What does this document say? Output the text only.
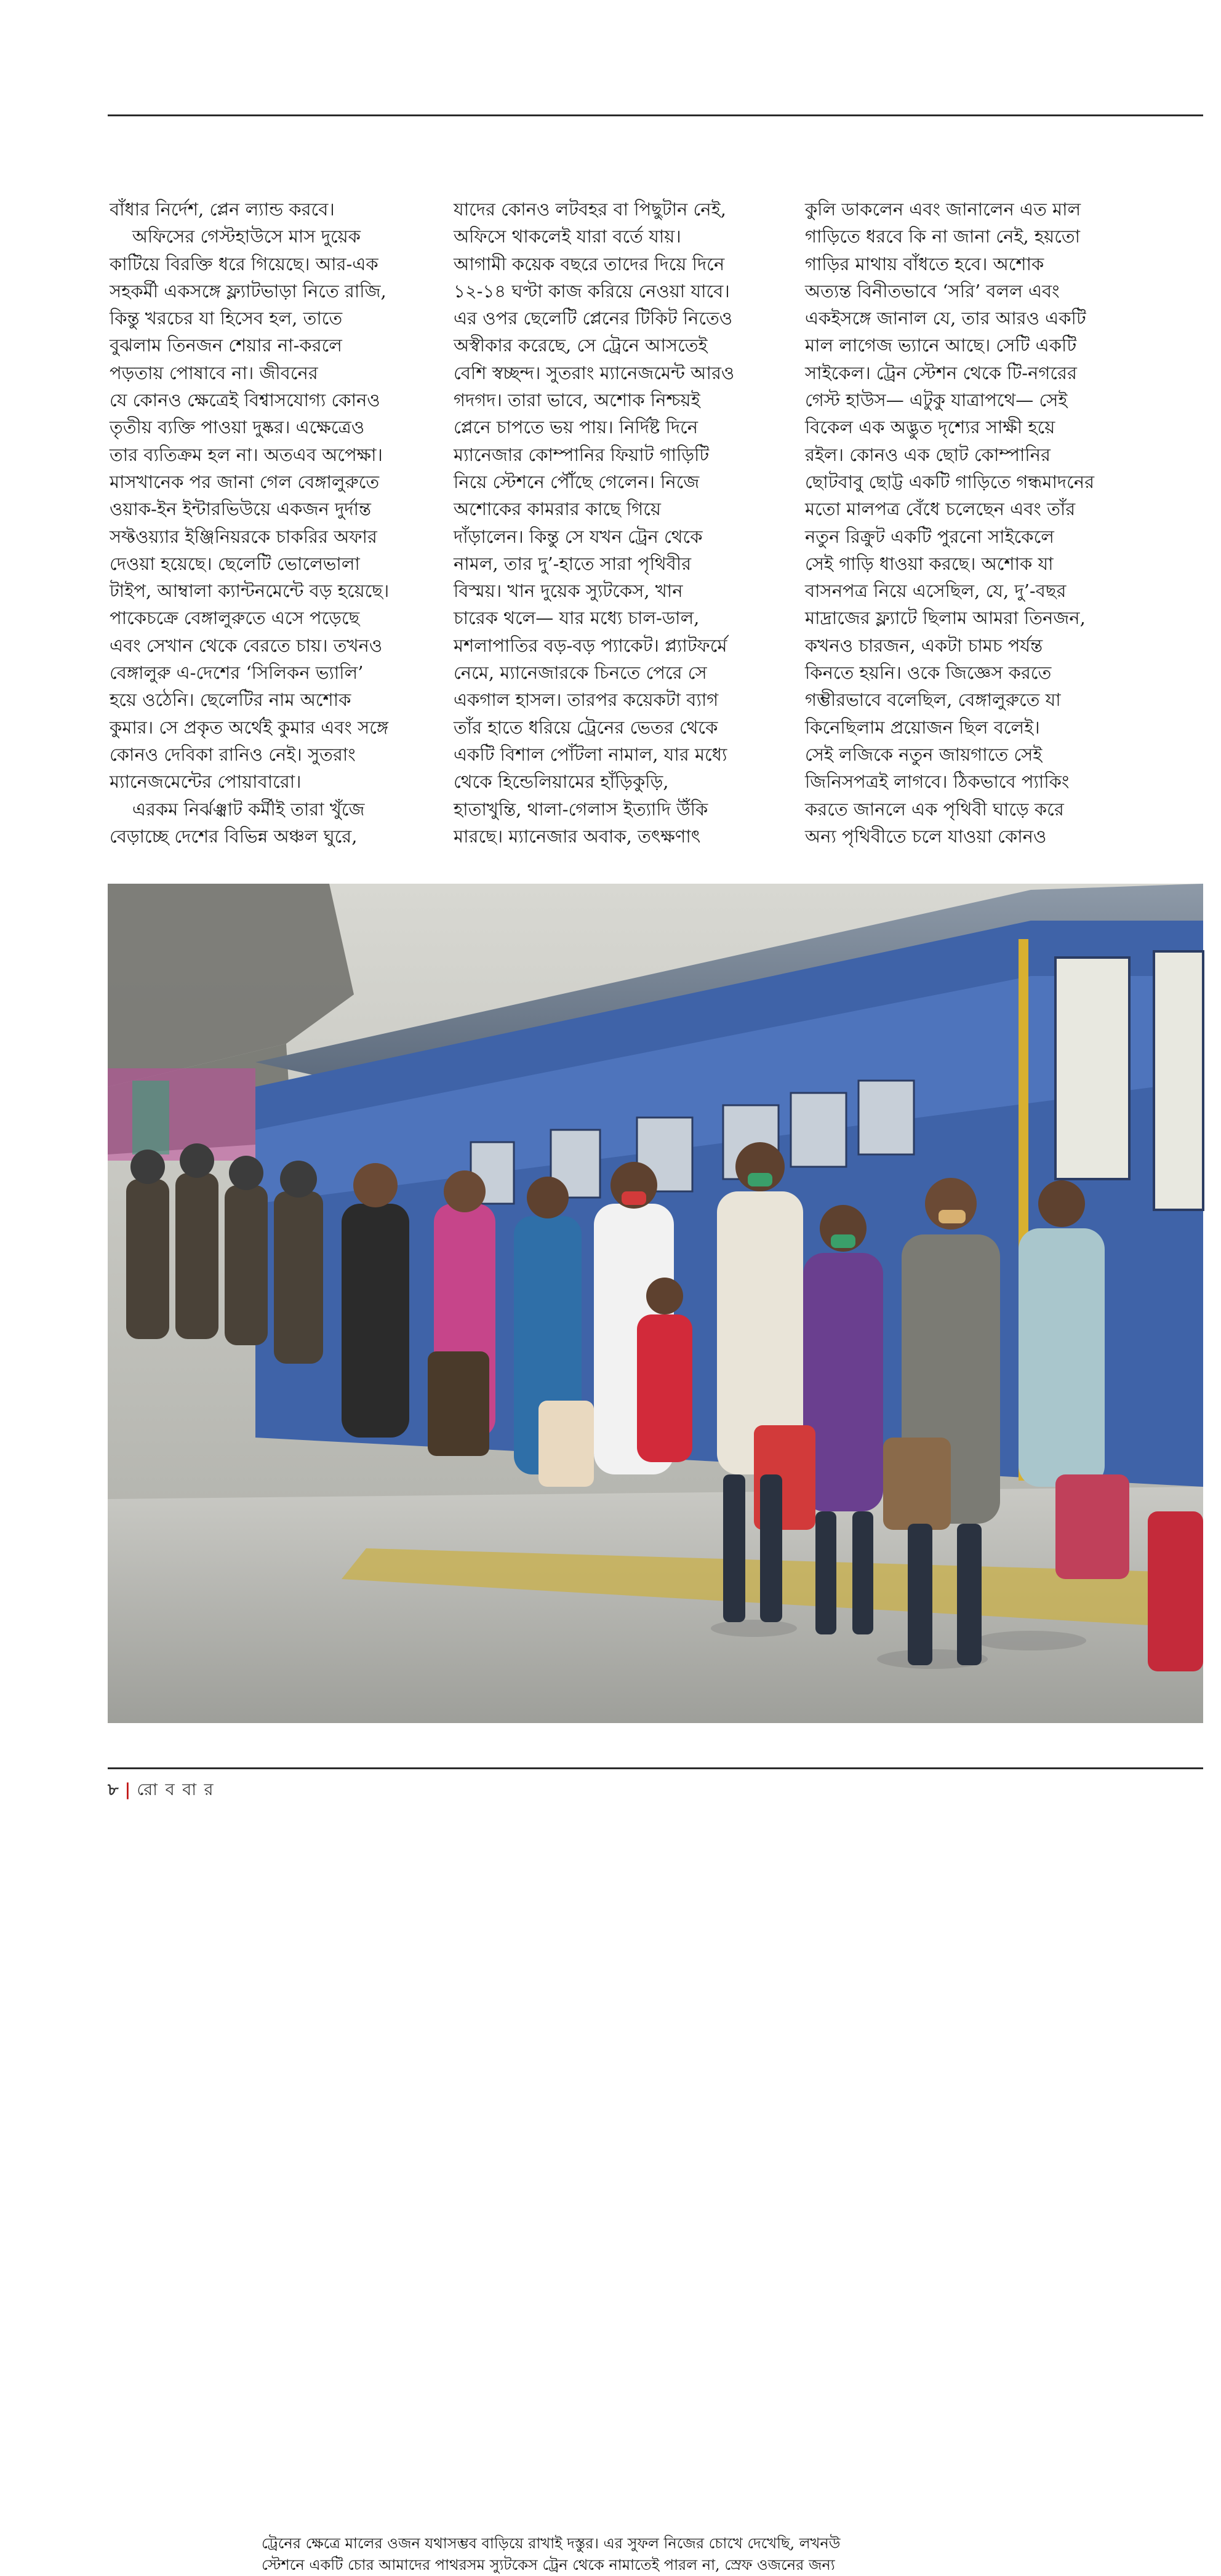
বাঁধার নির্দেশ, প্লেন ল্যান্ড করবে।
অফিসের গেস্টহাউসে মাস দুয়েক
কাটিয়ে বিরক্তি ধরে গিয়েছে। আর-এক
সহকর্মী একসঙ্গে ফ্ল্যাটভাড়া নিতে রাজি,
কিন্তু খরচের যা হিসেব হল, তাতে
বুঝলাম তিনজন শেয়ার না-করলে
পড়তায় পোষাবে না। জীবনের
যে কোনও ক্ষেত্রেই বিশ্বাসযোগ্য কোনও
তৃতীয় ব্যক্তি পাওয়া দুষ্কর। এক্ষেত্রেও
তার ব্যতিক্রম হল না। অতএব অপেক্ষা।
মাসখানেক পর জানা গেল বেঙ্গালুরুতে
ওয়াক-ইন ইন্টারভিউয়ে একজন দুর্দান্ত
সফ্টওয়্যার ইঞ্জিনিয়রকে চাকরির অফার
দেওয়া হয়েছে। ছেলেটি ভোলেভালা
টাইপ, আম্বালা ক্যান্টনমেন্টে বড় হয়েছে।
পাকেচক্রে বেঙ্গালুরুতে এসে পড়েছে
এবং সেখান থেকে বেরতে চায়। তখনও
বেঙ্গালুরু এ-দেশের ‘সিলিকন ভ্যালি’
হয়ে ওঠেনি। ছেলেটির নাম অশোক
কুমার। সে প্রকৃত অর্থেই কুমার এবং সঙ্গে
কোনও দেবিকা রানিও নেই। সুতরাং
ম্যানেজমেন্টের পোয়াবারো।
এরকম নির্ঝঞ্ঝাট কর্মীই তারা খুঁজে
বেড়াচ্ছে দেশের বিভিন্ন অঞ্চল ঘুরে,
যাদের কোনও লটবহর বা পিছুটান নেই,
অফিসে থাকলেই যারা বর্তে যায়।
আগামী কয়েক বছরে তাদের দিয়ে দিনে
১২-১৪ ঘণ্টা কাজ করিয়ে নেওয়া যাবে।
এর ওপর ছেলেটি প্লেনের টিকিট নিতেও
অস্বীকার করেছে, সে ট্রেনে আসতেই
বেশি স্বচ্ছন্দ। সুতরাং ম্যানেজমেন্ট আরও
গদগদ। তারা ভাবে, অশোক নিশ্চয়ই
প্লেনে চাপতে ভয় পায়। নির্দিষ্ট দিনে
ম্যানেজার কোম্পানির ফিয়াট গাড়িটি
নিয়ে স্টেশনে পৌঁছে গেলেন। নিজে
অশোকের কামরার কাছে গিয়ে
দাঁড়ালেন। কিন্তু সে যখন ট্রেন থেকে
নামল, তার দু’-হাতে সারা পৃথিবীর
বিস্ময়। খান দুয়েক স্যুটকেস, খান
চারেক থলে— যার মধ্যে চাল-ডাল,
মশলাপাতির বড়-বড় প্যাকেট। প্ল্যাটফর্মে
নেমে, ম্যানেজারকে চিনতে পেরে সে
একগাল হাসল। তারপর কয়েকটা ব্যাগ
তাঁর হাতে ধরিয়ে ট্রেনের ভেতর থেকে
একটি বিশাল পোঁটলা নামাল, যার মধ্যে
থেকে হিন্ডেলিয়ামের হাঁড়িকুড়ি,
হাতাখুন্তি, থালা-গেলাস ইত্যাদি উঁকি
মারছে। ম্যানেজার অবাক, তৎক্ষণাৎ
কুলি ডাকলেন এবং জানালেন এত মাল
গাড়িতে ধরবে কি না জানা নেই, হয়তো
গাড়ির মাথায় বাঁধতে হবে। অশোক
অত্যন্ত বিনীতভাবে ‘সরি’ বলল এবং
একইসঙ্গে জানাল যে, তার আরও একটি
মাল লাগেজ ভ্যানে আছে। সেটি একটি
সাইকেল। ট্রেন স্টেশন থেকে টি-নগরের
গেস্ট হাউস— এটুকু যাত্রাপথে— সেই
বিকেল এক অদ্ভুত দৃশ্যের সাক্ষী হয়ে
রইল। কোনও এক ছোট কোম্পানির
ছোটবাবু ছোট্ট একটি গাড়িতে গন্ধমাদনের
মতো মালপত্র বেঁধে চলেছেন এবং তাঁর
নতুন রিক্রুট একটি পুরনো সাইকেলে
সেই গাড়ি ধাওয়া করছে। অশোক যা
বাসনপত্র নিয়ে এসেছিল, যে, দু’-বছর
মাদ্রাজের ফ্ল্যাটে ছিলাম আমরা তিনজন,
কখনও চারজন, একটা চামচ পর্যন্ত
কিনতে হয়নি। ওকে জিজ্ঞেস করতে
গম্ভীরভাবে বলেছিল, বেঙ্গালুরুতে যা
কিনেছিলাম প্রয়োজন ছিল বলেই।
সেই লজিকে নতুন জায়গাতে সেই
জিনিসপত্রই লাগবে। ঠিকভাবে প্যাকিং
করতে জানলে এক পৃথিবী ঘাড়ে করে
অন্য পৃথিবীতে চলে যাওয়া কোনও
ট্রেনের ক্ষেত্রে মালের ওজন যথাসম্ভব বাড়িয়ে রাখাই দস্তুর। এর সুফল নিজের চোখে দেখেছি, লখনউ
স্টেশনে একটি চোর আমাদের পাথরসম স্যুটকেস ট্রেন থেকে নামাতেই পারল না, স্রেফ ওজনের জন্য
৮ | রো ব বা র
